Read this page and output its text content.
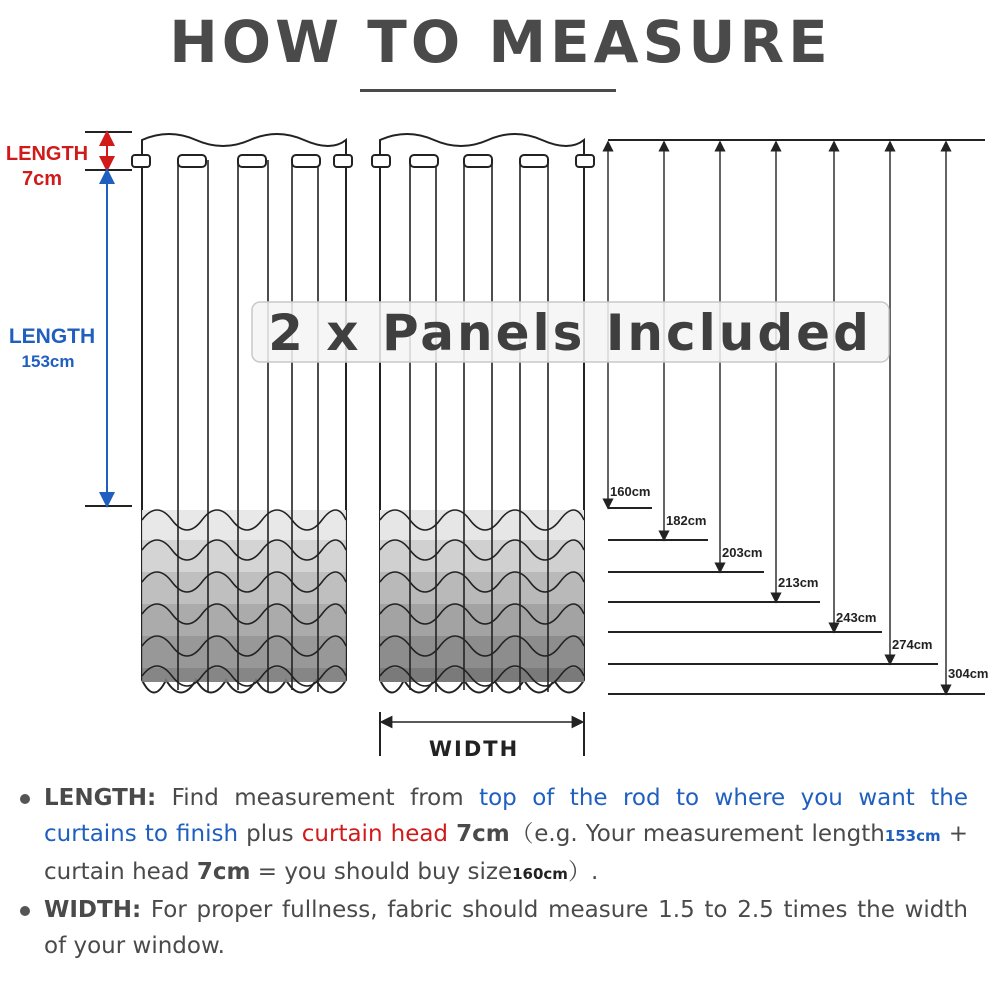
HOW TO MEASURE
LENGTH
7cm
LENGTH
153cm
WIDTH
160cm
182cm
203cm
213cm
243cm
274cm
304cm
2 x Panels Included

LENGTH: Find measurement from top of the rod to where you want the curtains to finish plus curtain head 7cm（e.g. Your measurement length153cm + curtain head 7cm = you should buy size160cm）.

WIDTH: For proper fullness, fabric should measure 1.5 to 2.5 times the width of your window.
